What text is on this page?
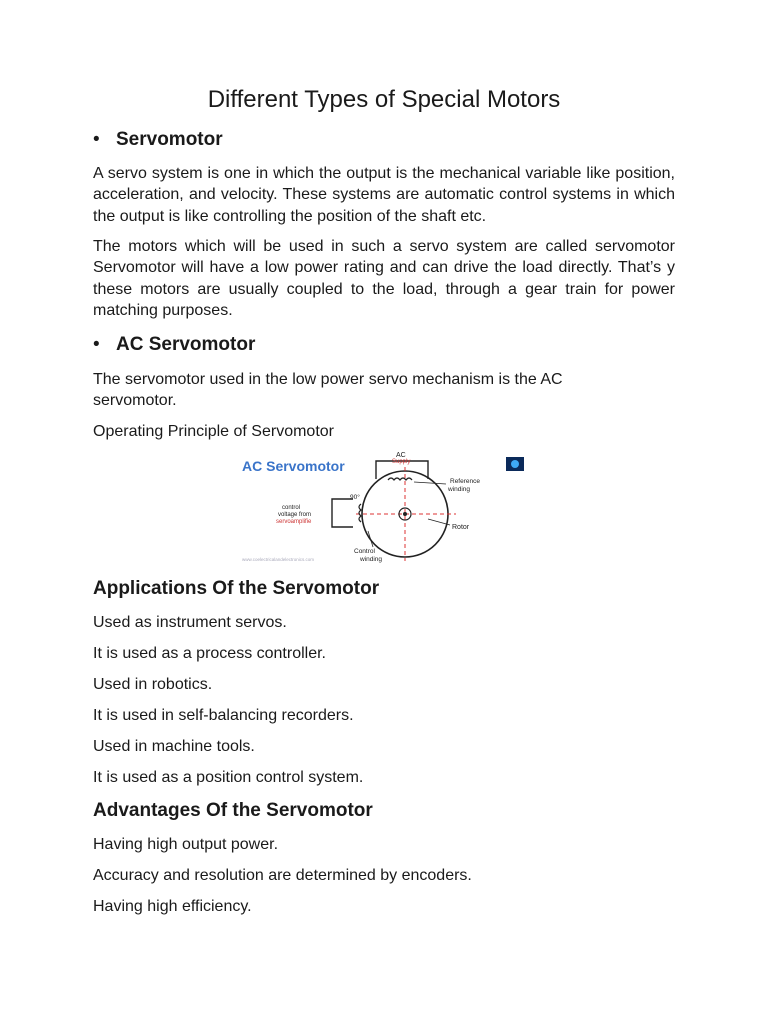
Different Types of Special Motors
• Servomotor

A servo system is one in which the output is the mechanical variable like position, acceleration, and velocity. These systems are automatic control systems in which the output is like controlling the position of the shaft etc.

The motors which will be used in such a servo system are called servomotor Servomotor will have a low power rating and can drive the load directly. That’s y these motors are usually coupled to the load, through a gear train for power matching purposes.

• AC Servomotor

The servomotor used in the low power servo mechanism is the AC servomotor.

Operating Principle of Servomotor

AC Servomotor
AC
Supply
Reference
winding
Rotor
90°
Control
winding
control
voltage from
servoamplifie
www.coelectricalandelectronics.com
Applications Of the Servomotor

Used as instrument servos.

It is used as a process controller.

Used in robotics.

It is used in self-balancing recorders.

Used in machine tools.

It is used as a position control system.

Advantages Of the Servomotor

Having high output power.

Accuracy and resolution are determined by encoders.

Having high efficiency.
